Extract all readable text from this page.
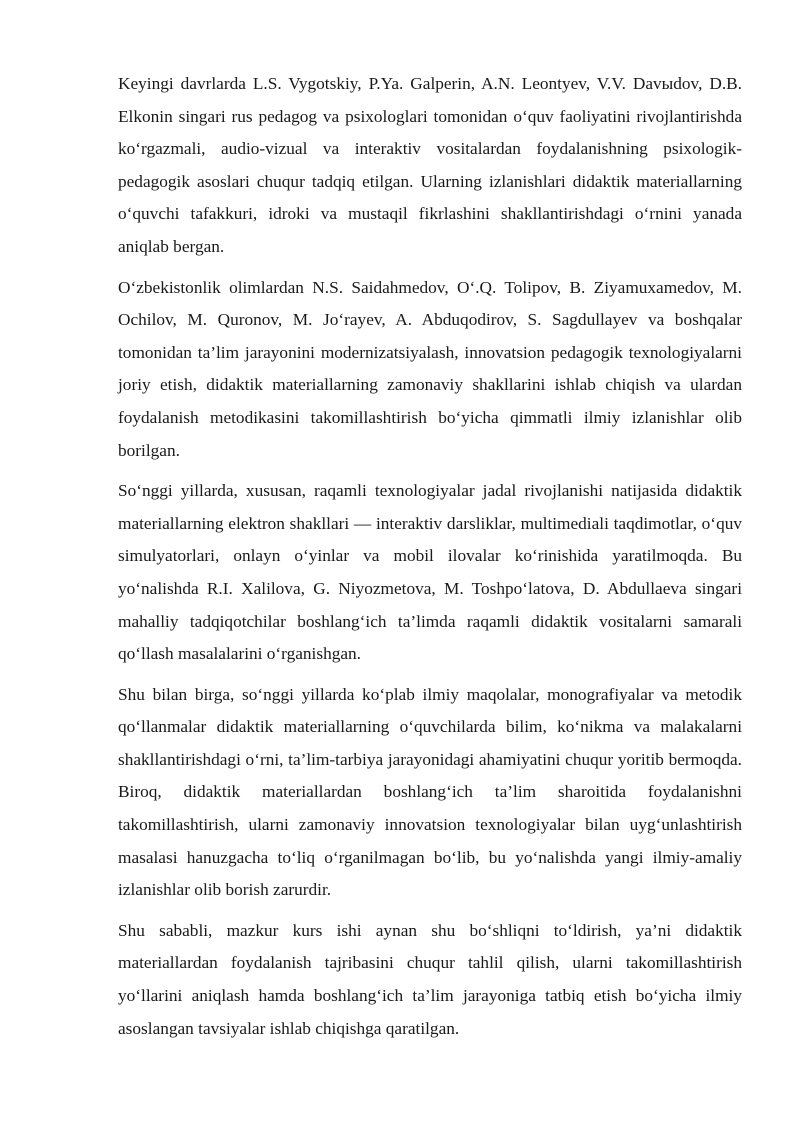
Keyingi davrlarda L.S. Vygotskiy, P.Ya. Galperin, A.N. Leontyev, V.V. Davыdov, D.B. Elkonin singari rus pedagog va psixologlari tomonidan o‘quv faoliyatini rivojlantirishda ko‘rgazmali, audio-vizual va interaktiv vositalardan foydalanishning psixologik-pedagogik asoslari chuqur tadqiq etilgan. Ularning izlanishlari didaktik materiallarning o‘quvchi tafakkuri, idroki va mustaqil fikrlashini shakllantirishdagi o‘rnini yanada aniqlab bergan.

O‘zbekistonlik olimlardan N.S. Saidahmedov, O‘.Q. Tolipov, B. Ziyamuxamedov, M. Ochilov, M. Quronov, M. Jo‘rayev, A. Abduqodirov, S. Sagdullayev va boshqalar tomonidan ta’lim jarayonini modernizatsiyalash, innovatsion pedagogik texnologiyalarni joriy etish, didaktik materiallarning zamonaviy shakllarini ishlab chiqish va ulardan foydalanish metodikasini takomillashtirish bo‘yicha qimmatli ilmiy izlanishlar olib borilgan.

So‘nggi yillarda, xususan, raqamli texnologiyalar jadal rivojlanishi natijasida didaktik materiallarning elektron shakllari — interaktiv darsliklar, multimediali taqdimotlar, o‘quv simulyatorlari, onlayn o‘yinlar va mobil ilovalar ko‘rinishida yaratilmoqda. Bu yo‘nalishda R.I. Xalilova, G. Niyozmetova, M. Toshpo‘latova, D. Abdullaeva singari mahalliy tadqiqotchilar boshlang‘ich ta’limda raqamli didaktik vositalarni samarali qo‘llash masalalarini o‘rganishgan.

Shu bilan birga, so‘nggi yillarda ko‘plab ilmiy maqolalar, monografiyalar va metodik qo‘llanmalar didaktik materiallarning o‘quvchilarda bilim, ko‘nikma va malakalarni shakllantirishdagi o‘rni, ta’lim-tarbiya jarayonidagi ahamiyatini chuqur yoritib bermoqda. Biroq, didaktik materiallardan boshlang‘ich ta’lim sharoitida foydalanishni takomillashtirish, ularni zamonaviy innovatsion texnologiyalar bilan uyg‘unlashtirish masalasi hanuzgacha to‘liq o‘rganilmagan bo‘lib, bu yo‘nalishda yangi ilmiy-amaliy izlanishlar olib borish zarurdir.

Shu sababli, mazkur kurs ishi aynan shu bo‘shliqni to‘ldirish, ya’ni didaktik materiallardan foydalanish tajribasini chuqur tahlil qilish, ularni takomillashtirish yo‘llarini aniqlash hamda boshlang‘ich ta’lim jarayoniga tatbiq etish bo‘yicha ilmiy asoslangan tavsiyalar ishlab chiqishga qaratilgan.
